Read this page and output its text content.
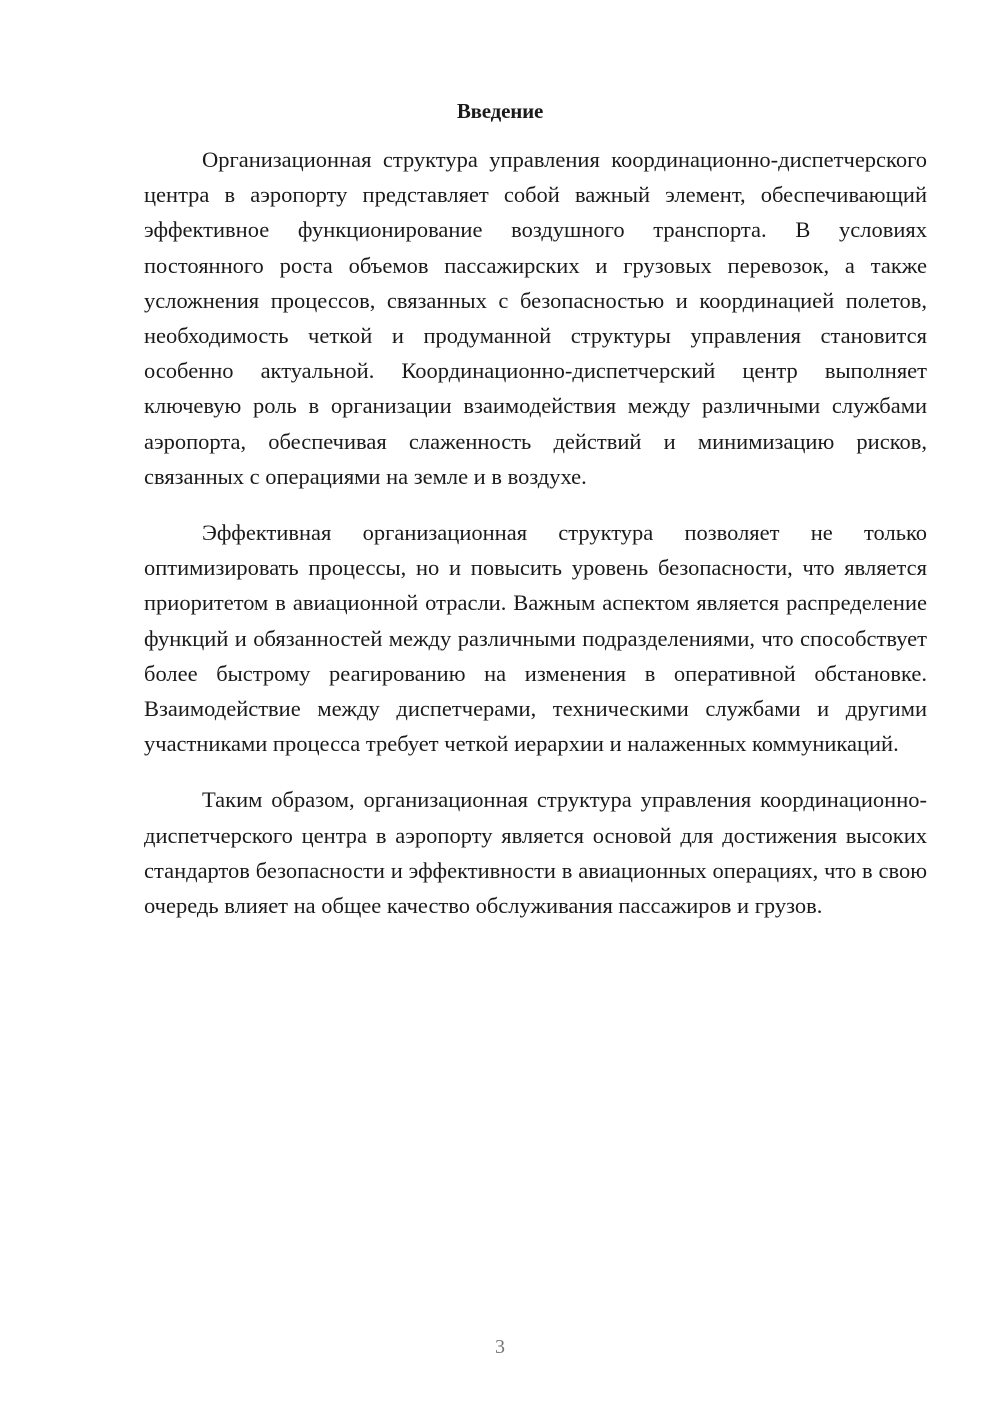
Введение

Организационная структура управления координационно-диспетчерского центра в аэропорту представляет собой важный элемент, обеспечивающий эффективное функционирование воздушного транспорта. В условиях постоянного роста объемов пассажирских и грузовых перевозок, а также усложнения процессов, связанных с безопасностью и координацией полетов, необходимость четкой и продуманной структуры управления становится особенно актуальной. Координационно-диспетчерский центр выполняет ключевую роль в организации взаимодействия между различными службами аэропорта, обеспечивая слаженность действий и минимизацию рисков, связанных с операциями на земле и в воздухе.

Эффективная организационная структура позволяет не только оптимизировать процессы, но и повысить уровень безопасности, что является приоритетом в авиационной отрасли. Важным аспектом является распределение функций и обязанностей между различными подразделениями, что способствует более быстрому реагированию на изменения в оперативной обстановке. Взаимодействие между диспетчерами, техническими службами и другими участниками процесса требует четкой иерархии и налаженных коммуникаций.

Таким образом, организационная структура управления координационно-диспетчерского центра в аэропорту является основой для достижения высоких стандартов безопасности и эффективности в авиационных операциях, что в свою очередь влияет на общее качество обслуживания пассажиров и грузов.

3
